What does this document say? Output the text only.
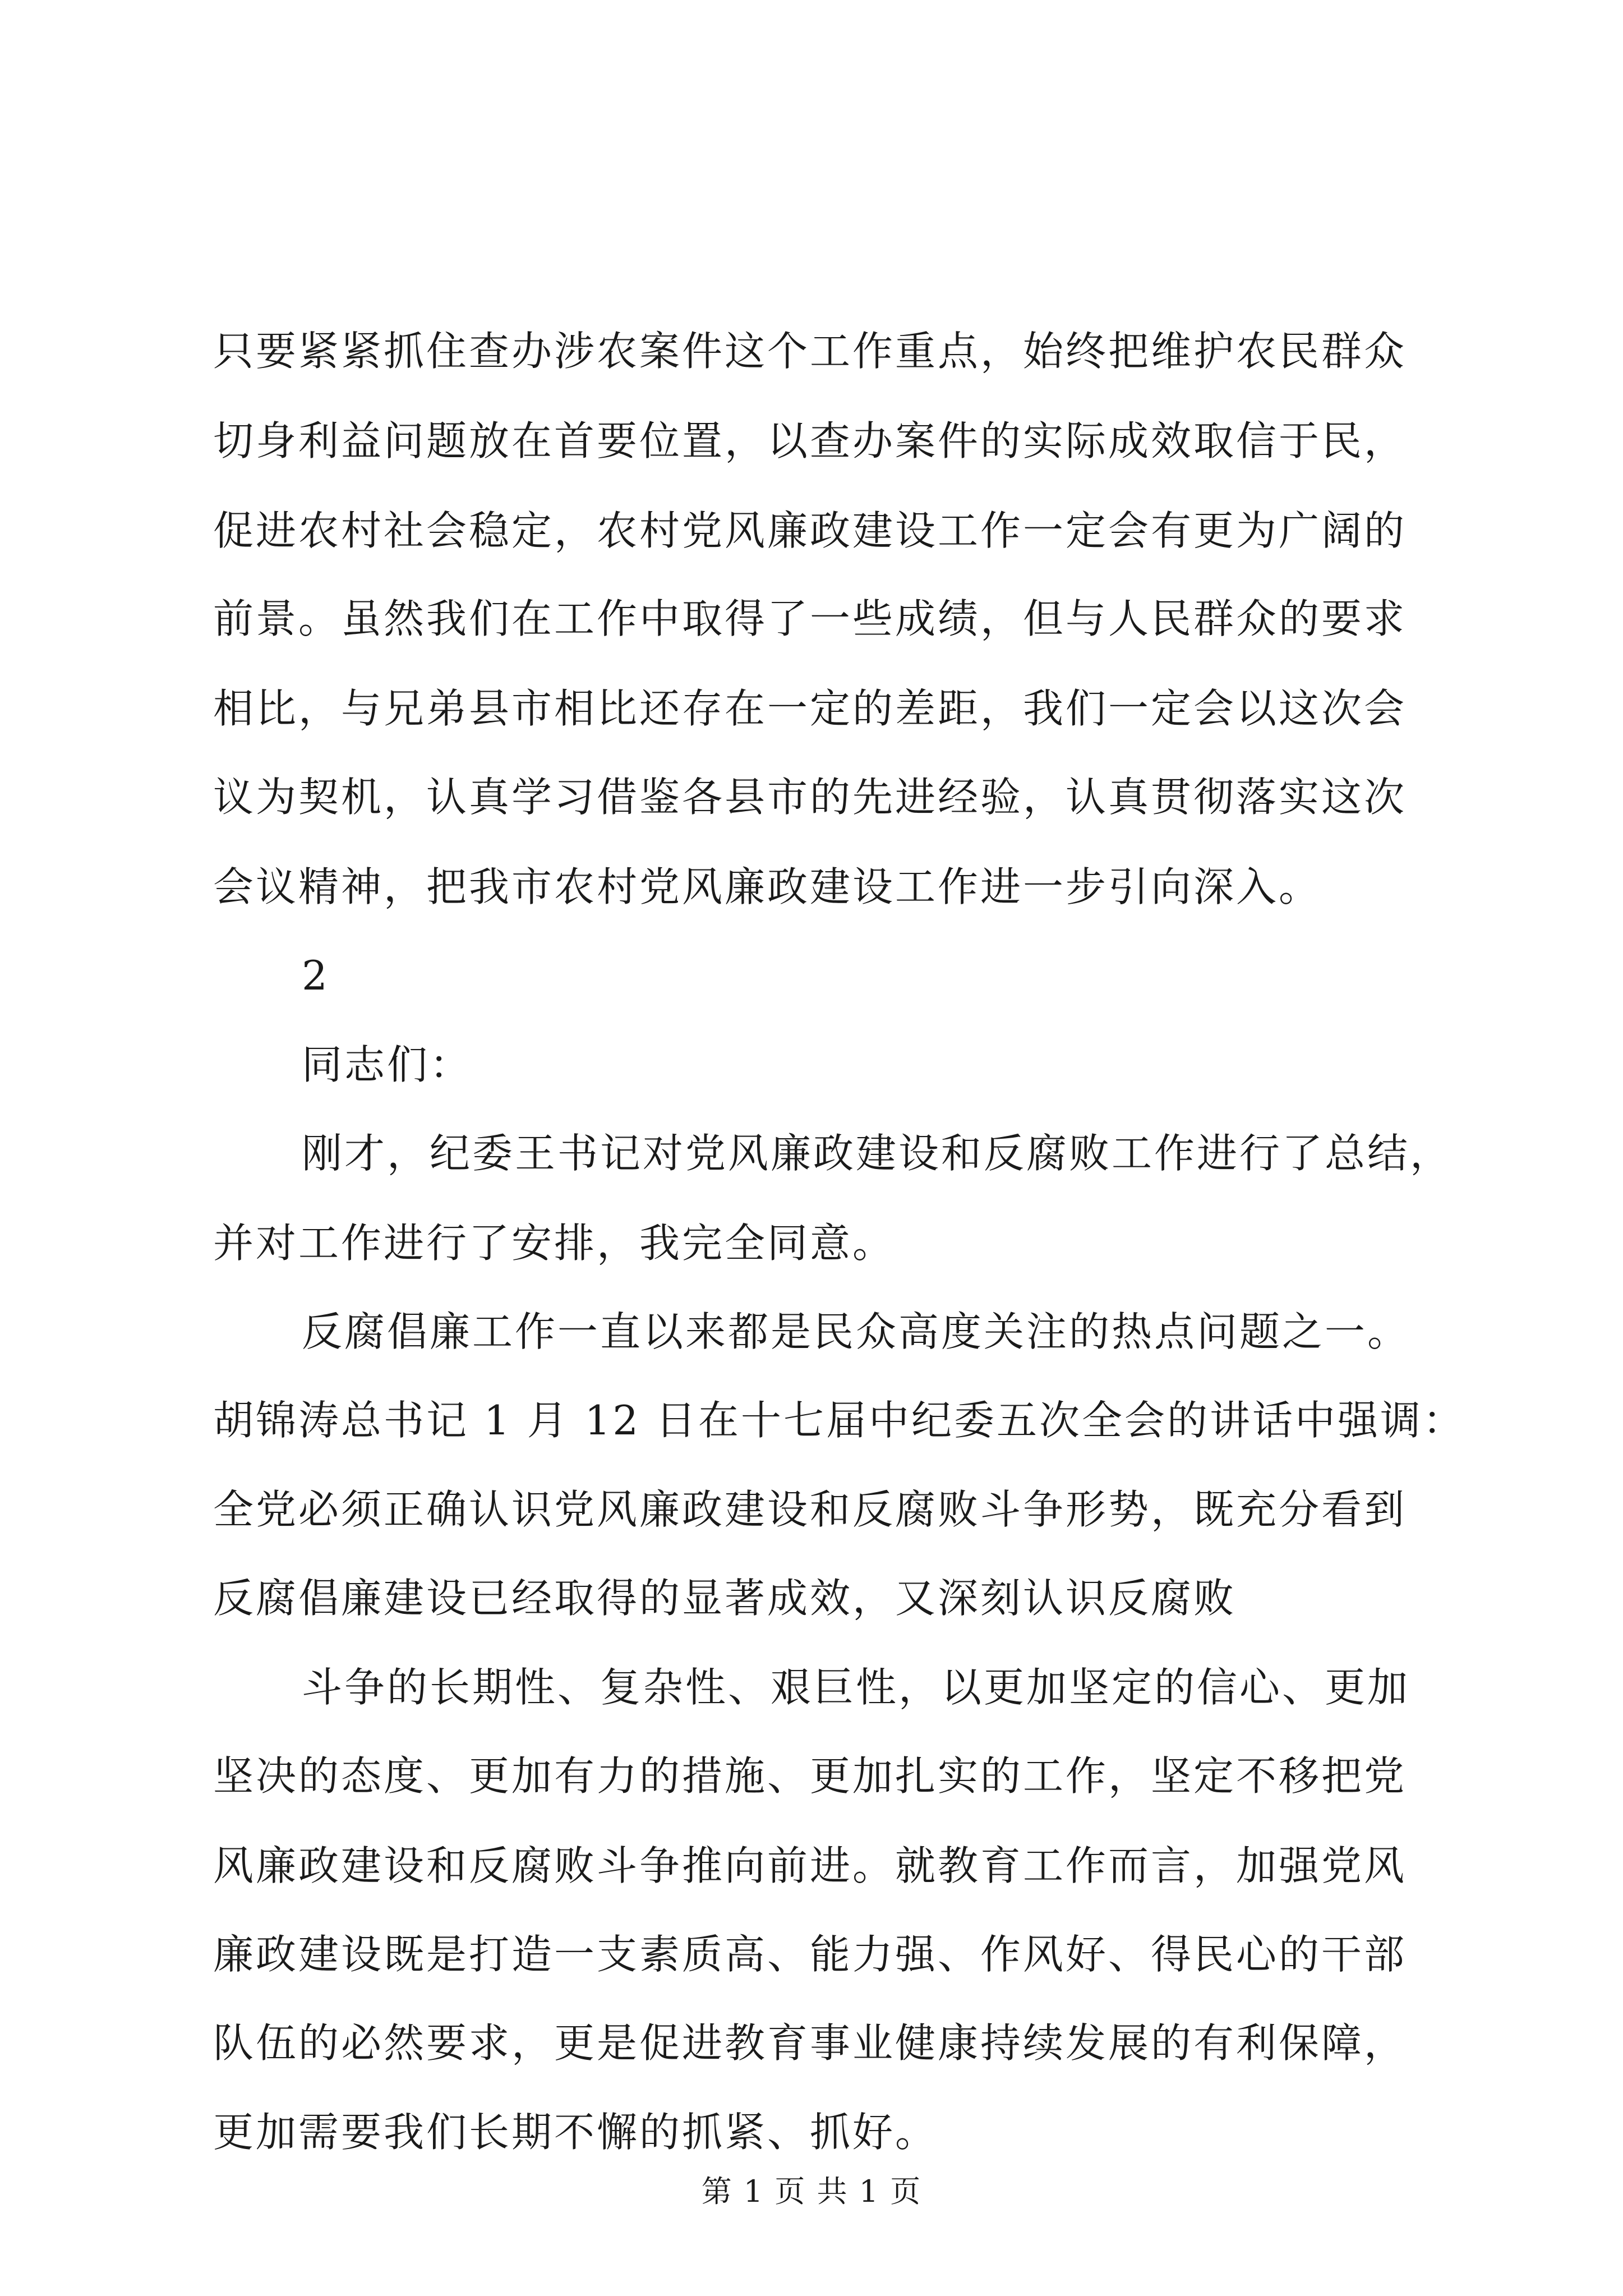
只要紧紧抓住查办涉农案件这个工作重点，始终把维护农民群众
切身利益问题放在首要位置，以查办案件的实际成效取信于民，
促进农村社会稳定，农村党风廉政建设工作一定会有更为广阔的
前景。虽然我们在工作中取得了一些成绩，但与人民群众的要求
相比，与兄弟县市相比还存在一定的差距，我们一定会以这次会
议为契机，认真学习借鉴各县市的先进经验，认真贯彻落实这次
会议精神，把我市农村党风廉政建设工作进一步引向深入。
2
同志们：
刚才，纪委王书记对党风廉政建设和反腐败工作进行了总结，
并对工作进行了安排，我完全同意。
反腐倡廉工作一直以来都是民众高度关注的热点问题之一。
胡锦涛总书记 1 月 12 日在十七届中纪委五次全会的讲话中强调：
全党必须正确认识党风廉政建设和反腐败斗争形势，既充分看到
反腐倡廉建设已经取得的显著成效，又深刻认识反腐败
斗争的长期性、复杂性、艰巨性，以更加坚定的信心、更加
坚决的态度、更加有力的措施、更加扎实的工作，坚定不移把党
风廉政建设和反腐败斗争推向前进。就教育工作而言，加强党风
廉政建设既是打造一支素质高、能力强、作风好、得民心的干部
队伍的必然要求，更是促进教育事业健康持续发展的有利保障，
更加需要我们长期不懈的抓紧、抓好。
第 1 页 共 1 页
